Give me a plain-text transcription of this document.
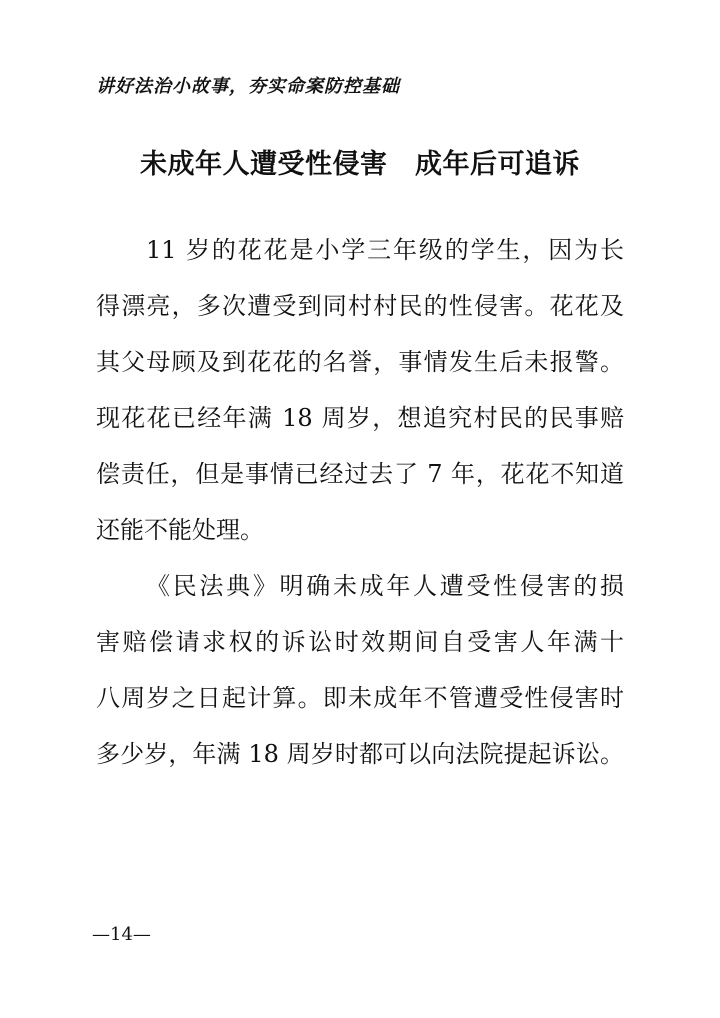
讲好法治小故事，夯实命案防控基础
未成年人遭受性侵害　成年后可追诉
11 岁的花花是小学三年级的学生，因为长
得漂亮，多次遭受到同村村民的性侵害。花花及
其父母顾及到花花的名誉，事情发生后未报警。
现花花已经年满 18 周岁，想追究村民的民事赔
偿责任，但是事情已经过去了 7 年，花花不知道
还能不能处理。
《民法典》明确未成年人遭受性侵害的损
害赔偿请求权的诉讼时效期间自受害人年满十
八周岁之日起计算。即未成年不管遭受性侵害时
多少岁，年满 18 周岁时都可以向法院提起诉讼。
—14—
